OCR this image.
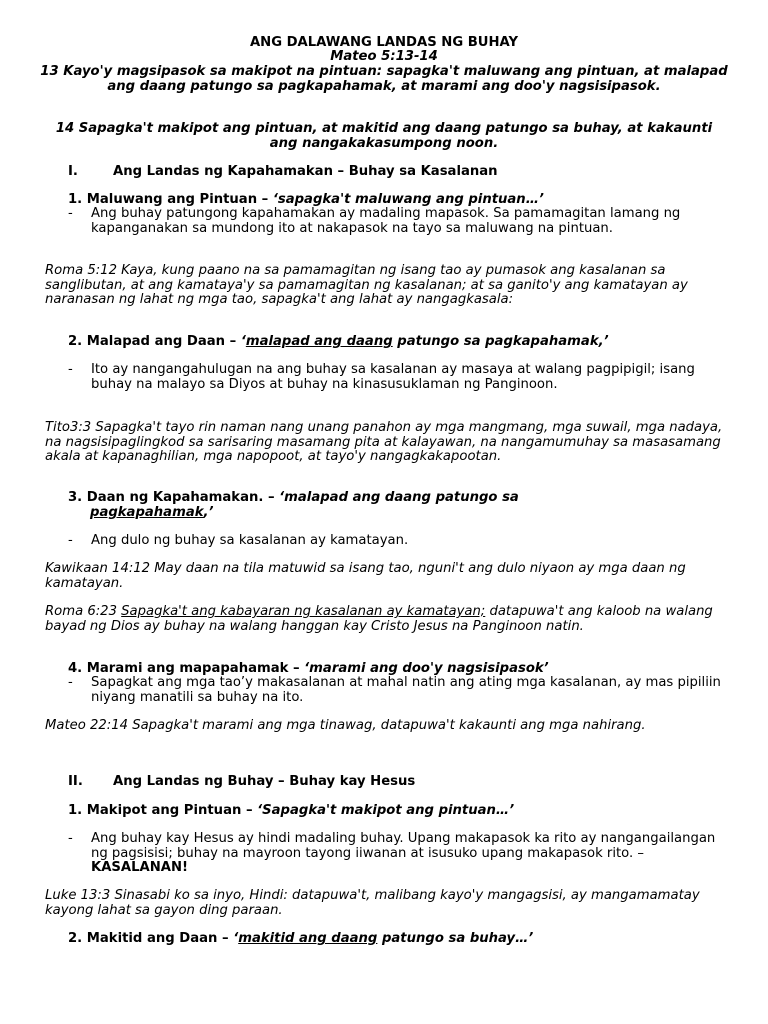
ANG DALAWANG LANDAS NG BUHAY
Mateo 5:13-14
13 Kayo'y magsipasok sa makipot na pintuan: sapagka't maluwang ang pintuan, at malapad ang daang patungo sa pagkapahamak, at marami ang doo'y nagsisipasok.
14 Sapagka't makipot ang pintuan, at makitid ang daang patungo sa buhay, at kakaunti ang nangakakasumpong noon.
I.	Ang Landas ng Kapahamakan – Buhay sa Kasalanan
1. Maluwang ang Pintuan – ‘sapagka't maluwang ang pintuan…’
- Ang buhay patungong kapahamakan ay madaling mapasok. Sa pamamagitan lamang ng kapanganakan sa mundong ito at nakapasok na tayo sa maluwang na pintuan.
Roma 5:12 Kaya, kung paano na sa pamamagitan ng isang tao ay pumasok ang kasalanan sa sanglibutan, at ang kamataya'y sa pamamagitan ng kasalanan; at sa ganito'y ang kamatayan ay naranasan ng lahat ng mga tao, sapagka't ang lahat ay nangagkasala:
2. Malapad ang Daan – ‘malapad ang daang patungo sa pagkapahamak,’
- Ito ay nangangahulugan na ang buhay sa kasalanan ay masaya at walang pagpipigil; isang buhay na malayo sa Diyos at buhay na kinasusuklaman ng Panginoon.
Tito3:3 Sapagka't tayo rin naman nang unang panahon ay mga mangmang, mga suwail, mga nadaya, na nagsisipaglingkod sa sarisaring masamang pita at kalayawan, na nangamumuhay sa masasamang akala at kapanaghilian, mga napopoot, at tayo'y nangagkakapootan.
3. Daan ng Kapahamakan. – ‘malapad ang daang patungo sa
pagkapahamak,’
- Ang dulo ng buhay sa kasalanan ay kamatayan.
Kawikaan 14:12 May daan na tila matuwid sa isang tao, nguni't ang dulo niyaon ay mga daan ng kamatayan.
Roma 6:23 Sapagka't ang kabayaran ng kasalanan ay kamatayan; datapuwa't ang kaloob na walang bayad ng Dios ay buhay na walang hanggan kay Cristo Jesus na Panginoon natin.
4. Marami ang mapapahamak – ‘marami ang doo'y nagsisipasok’
- Sapagkat ang mga tao’y makasalanan at mahal natin ang ating mga kasalanan, ay mas pipiliin niyang manatili sa buhay na ito.
Mateo 22:14 Sapagka't marami ang mga tinawag, datapuwa't kakaunti ang mga nahirang.
II. Ang Landas ng Buhay – Buhay kay Hesus
1. Makipot ang Pintuan – ‘Sapagka't makipot ang pintuan…’
- Ang buhay kay Hesus ay hindi madaling buhay. Upang makapasok ka rito ay nangangailangan ng pagsisisi; buhay na mayroon tayong iiwanan at isusuko upang makapasok rito. – KASALANAN!
Luke 13:3 Sinasabi ko sa inyo, Hindi: datapuwa't, malibang kayo'y mangagsisi, ay mangamamatay kayong lahat sa gayon ding paraan.
2. Makitid ang Daan – ‘makitid ang daang patungo sa buhay…’
